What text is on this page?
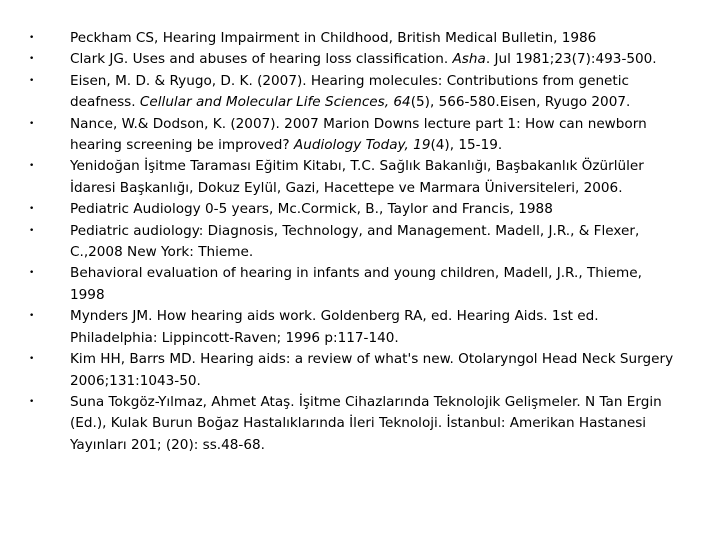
•	Peckham CS, Hearing Impairment in Childhood, British Medical Bulletin, 1986
•	Clark JG. Uses and abuses of hearing loss classification. Asha. Jul 1981;23(7):493-500.
•	Eisen, M. D. & Ryugo, D. K. (2007). Hearing molecules: Contributions from genetic deafness. Cellular and Molecular Life Sciences, 64(5), 566-580.Eisen, Ryugo 2007.
•	Nance, W.& Dodson, K. (2007). 2007 Marion Downs lecture part 1: How can newborn hearing screening be improved? Audiology Today, 19(4), 15-19.
•	Yenidoğan İşitme Taraması Eğitim Kitabı, T.C. Sağlık Bakanlığı, Başbakanlık Özürlüler İdaresi Başkanlığı, Dokuz Eylül, Gazi, Hacettepe ve Marmara Üniversiteleri, 2006.
•	Pediatric Audiology 0-5 years, Mc.Cormick, B., Taylor and Francis, 1988
•	Pediatric audiology: Diagnosis, Technology, and Management. Madell, J.R., & Flexer, C.,2008 New York: Thieme.
•	Behavioral evaluation of hearing in infants and young children, Madell, J.R., Thieme, 1998
•	Mynders JM. How hearing aids work. Goldenberg RA, ed. Hearing Aids. 1st ed. Philadelphia: Lippincott-Raven; 1996 p:117-140.
•	Kim HH, Barrs MD. Hearing aids: a review of what's new. Otolaryngol Head Neck Surgery 2006;131:1043-50.
•	Suna Tokgöz-Yılmaz, Ahmet Ataş. İşitme Cihazlarında Teknolojik Gelişmeler. N Tan Ergin (Ed.), Kulak Burun Boğaz Hastalıklarında İleri Teknoloji. İstanbul: Amerikan Hastanesi Yayınları 201; (20): ss.48-68.
